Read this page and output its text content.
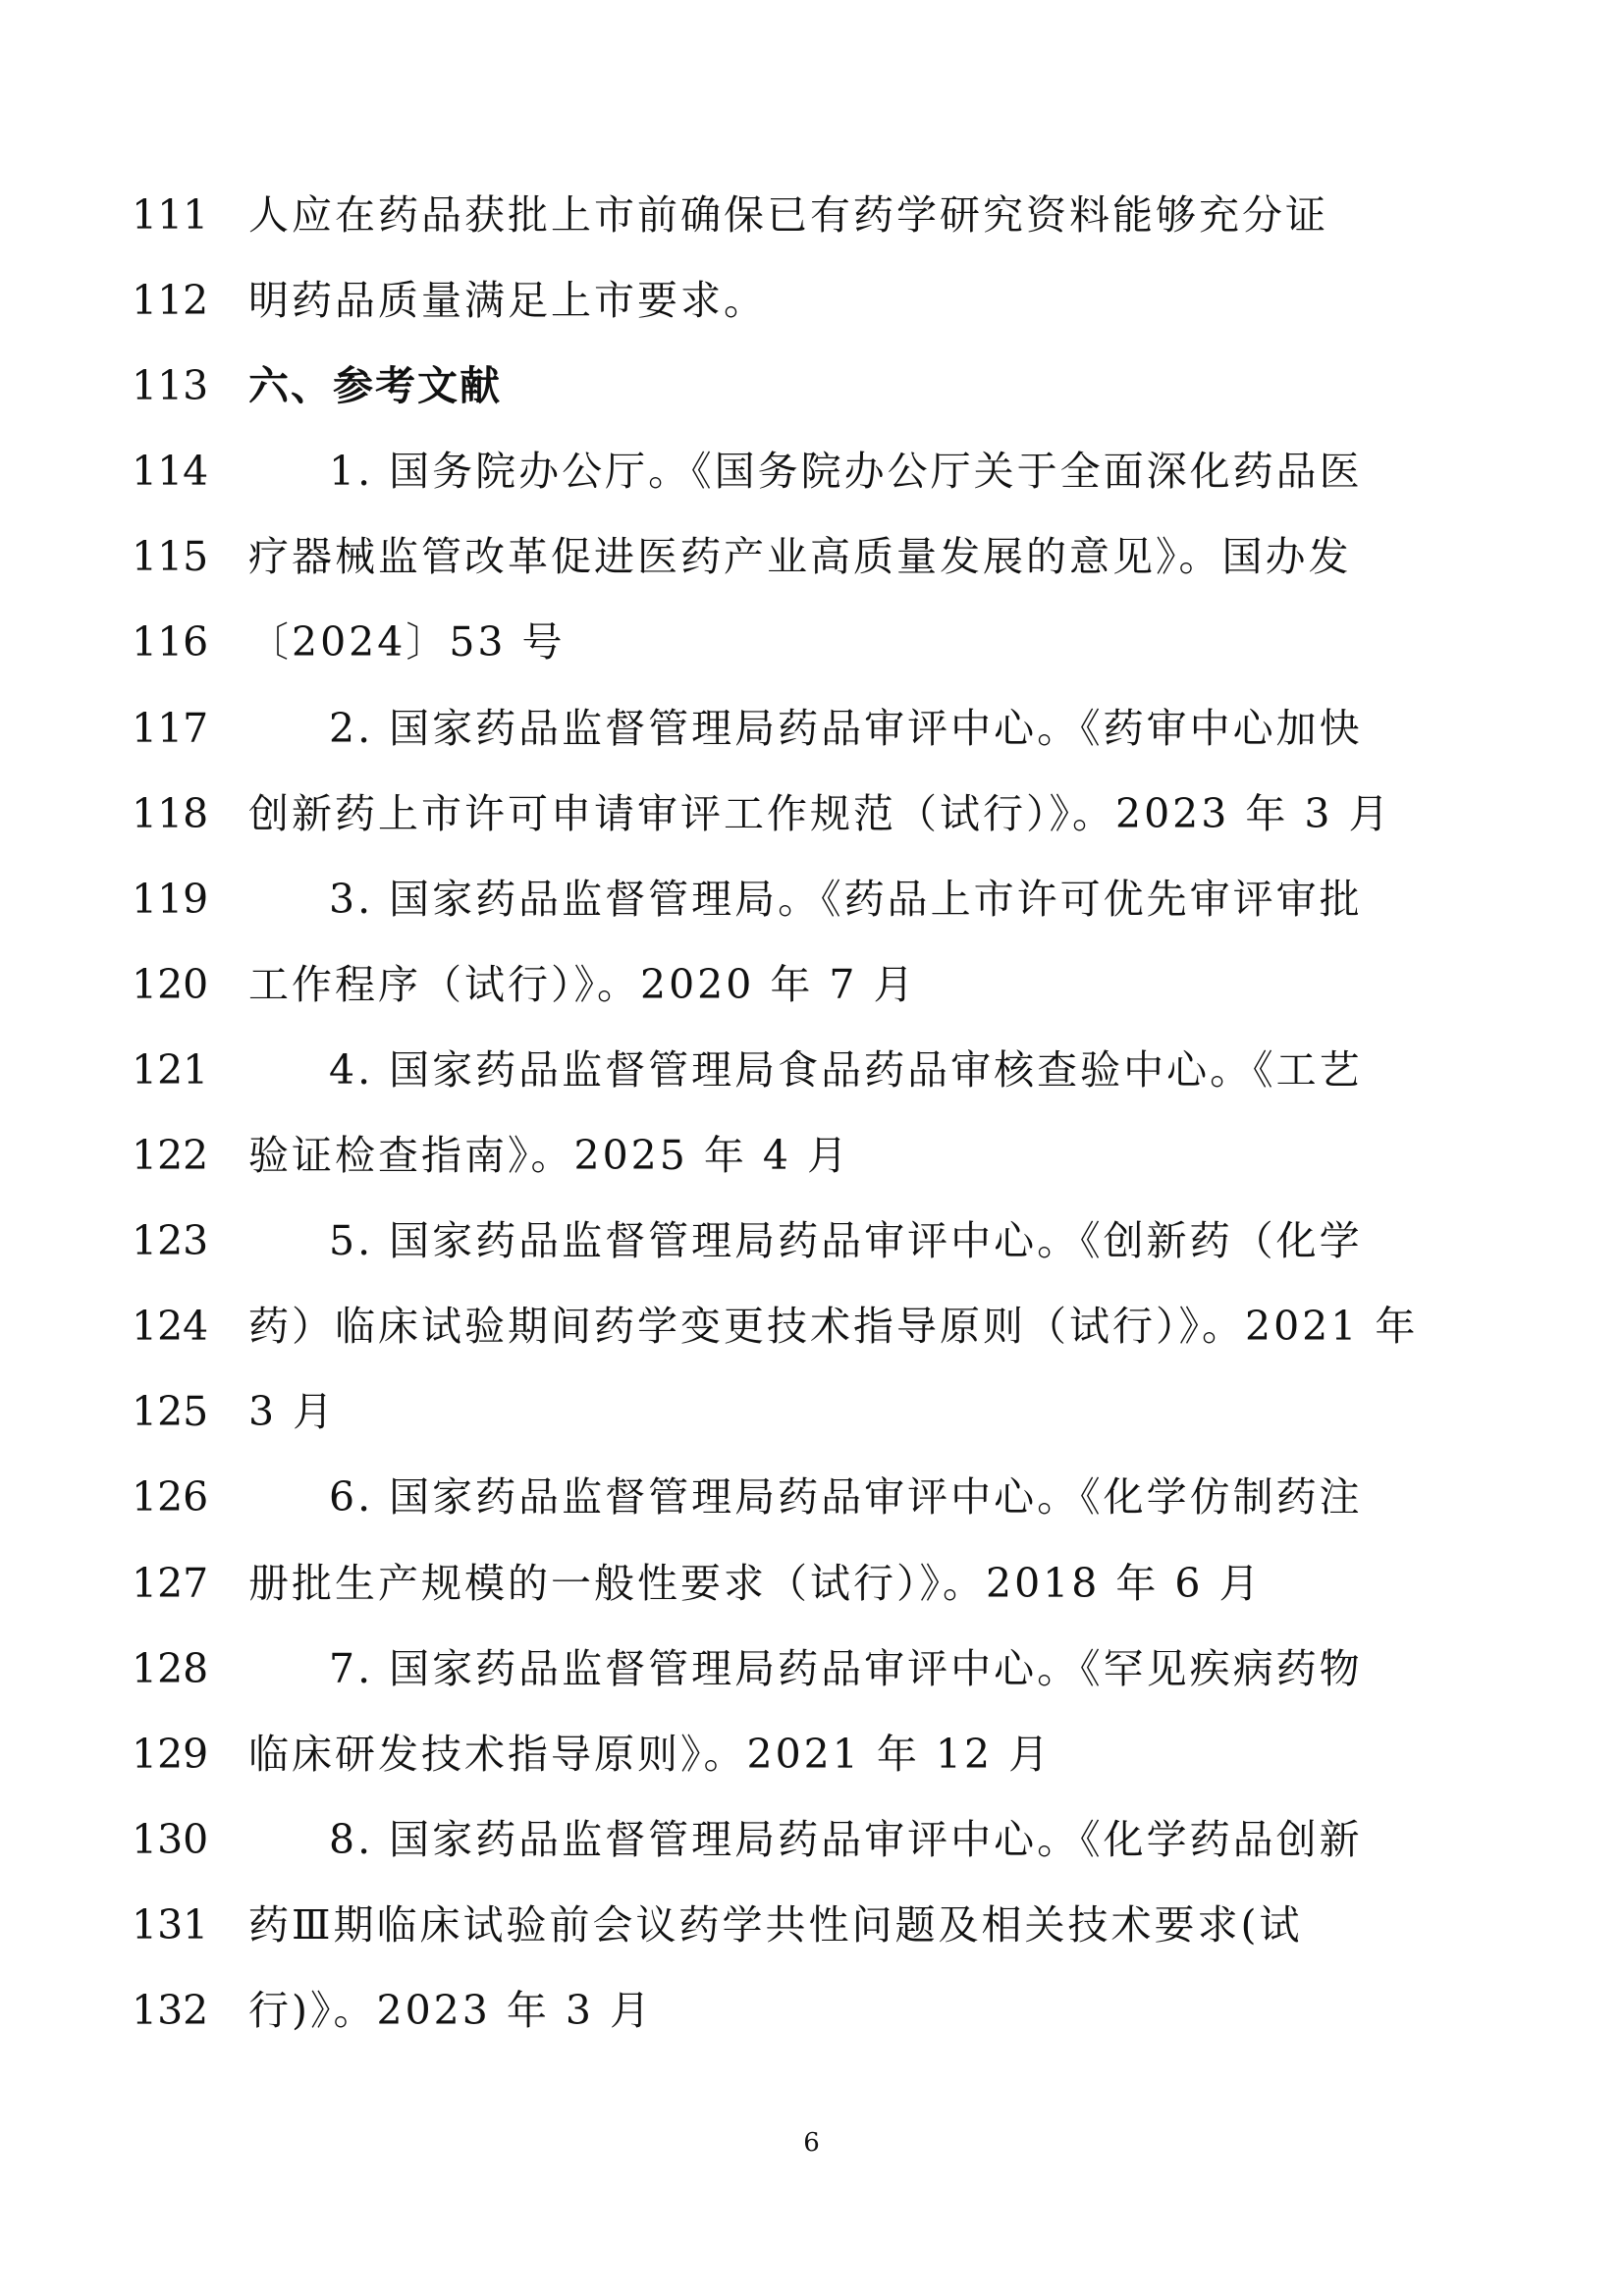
111 人应在药品获批上市前确保已有药学研究资料能够充分证
112 明药品质量满足上市要求。
113 六、参考文献
114	1. 国务院办公厅。《国务院办公厅关于全面深化药品医
115 疗器械监管改革促进医药产业高质量发展的意见》。国办发
116 〔2024〕53 号
117	2. 国家药品监督管理局药品审评中心。《药审中心加快
118 创新药上市许可申请审评工作规范（试行）》。2023 年 3 月
119	3. 国家药品监督管理局。《药品上市许可优先审评审批
120 工作程序（试行）》。2020 年 7 月
121	4. 国家药品监督管理局食品药品审核查验中心。《工艺
122 验证检查指南》。2025 年 4 月
123	5. 国家药品监督管理局药品审评中心。《创新药（化学
124 药）临床试验期间药学变更技术指导原则（试行）》。2021 年
125 3 月
126	6. 国家药品监督管理局药品审评中心。《化学仿制药注
127 册批生产规模的一般性要求（试行）》。2018 年 6 月
128	7. 国家药品监督管理局药品审评中心。《罕见疾病药物
129 临床研发技术指导原则》。2021 年 12 月
130	8. 国家药品监督管理局药品审评中心。《化学药品创新
131 药Ⅲ期临床试验前会议药学共性问题及相关技术要求(试
132 行)》。2023 年 3 月
6
